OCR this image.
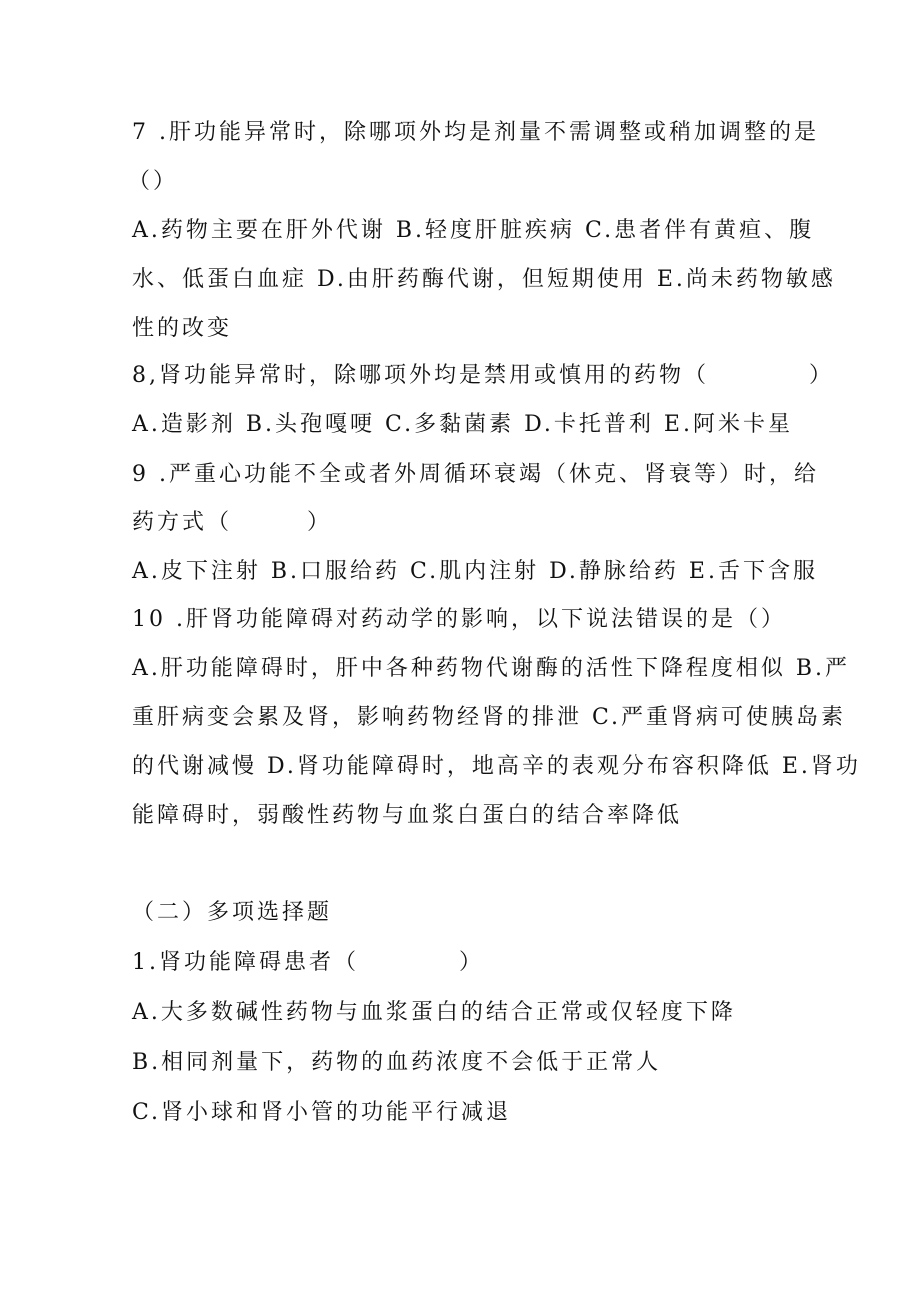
7 .肝功能异常时，除哪项外均是剂量不需调整或稍加调整的是
（）
A.药物主要在肝外代谢 B.轻度肝脏疾病 C.患者伴有黄疸、腹
水、低蛋白血症 D.由肝药酶代谢，但短期使用 E.尚未药物敏感
性的改变
8,肾功能异常时，除哪项外均是禁用或慎用的药物（　　　　）
A.造影剂 B.头孢嘎哽 C.多黏菌素 D.卡托普利 E.阿米卡星
9 .严重心功能不全或者外周循环衰竭（休克、肾衰等）时，给
药方式（　　　）
A.皮下注射 B.口服给药 C.肌内注射 D.静脉给药 E.舌下含服
10 .肝肾功能障碍对药动学的影响，以下说法错误的是（）
A.肝功能障碍时，肝中各种药物代谢酶的活性下降程度相似 B.严
重肝病变会累及肾，影响药物经肾的排泄 C.严重肾病可使胰岛素
的代谢减慢 D.肾功能障碍时，地高辛的表观分布容积降低 E.肾功
能障碍时，弱酸性药物与血浆白蛋白的结合率降低
（二）多项选择题
1.肾功能障碍患者（　　　　）
A.大多数碱性药物与血浆蛋白的结合正常或仅轻度下降
B.相同剂量下，药物的血药浓度不会低于正常人
C.肾小球和肾小管的功能平行减退
